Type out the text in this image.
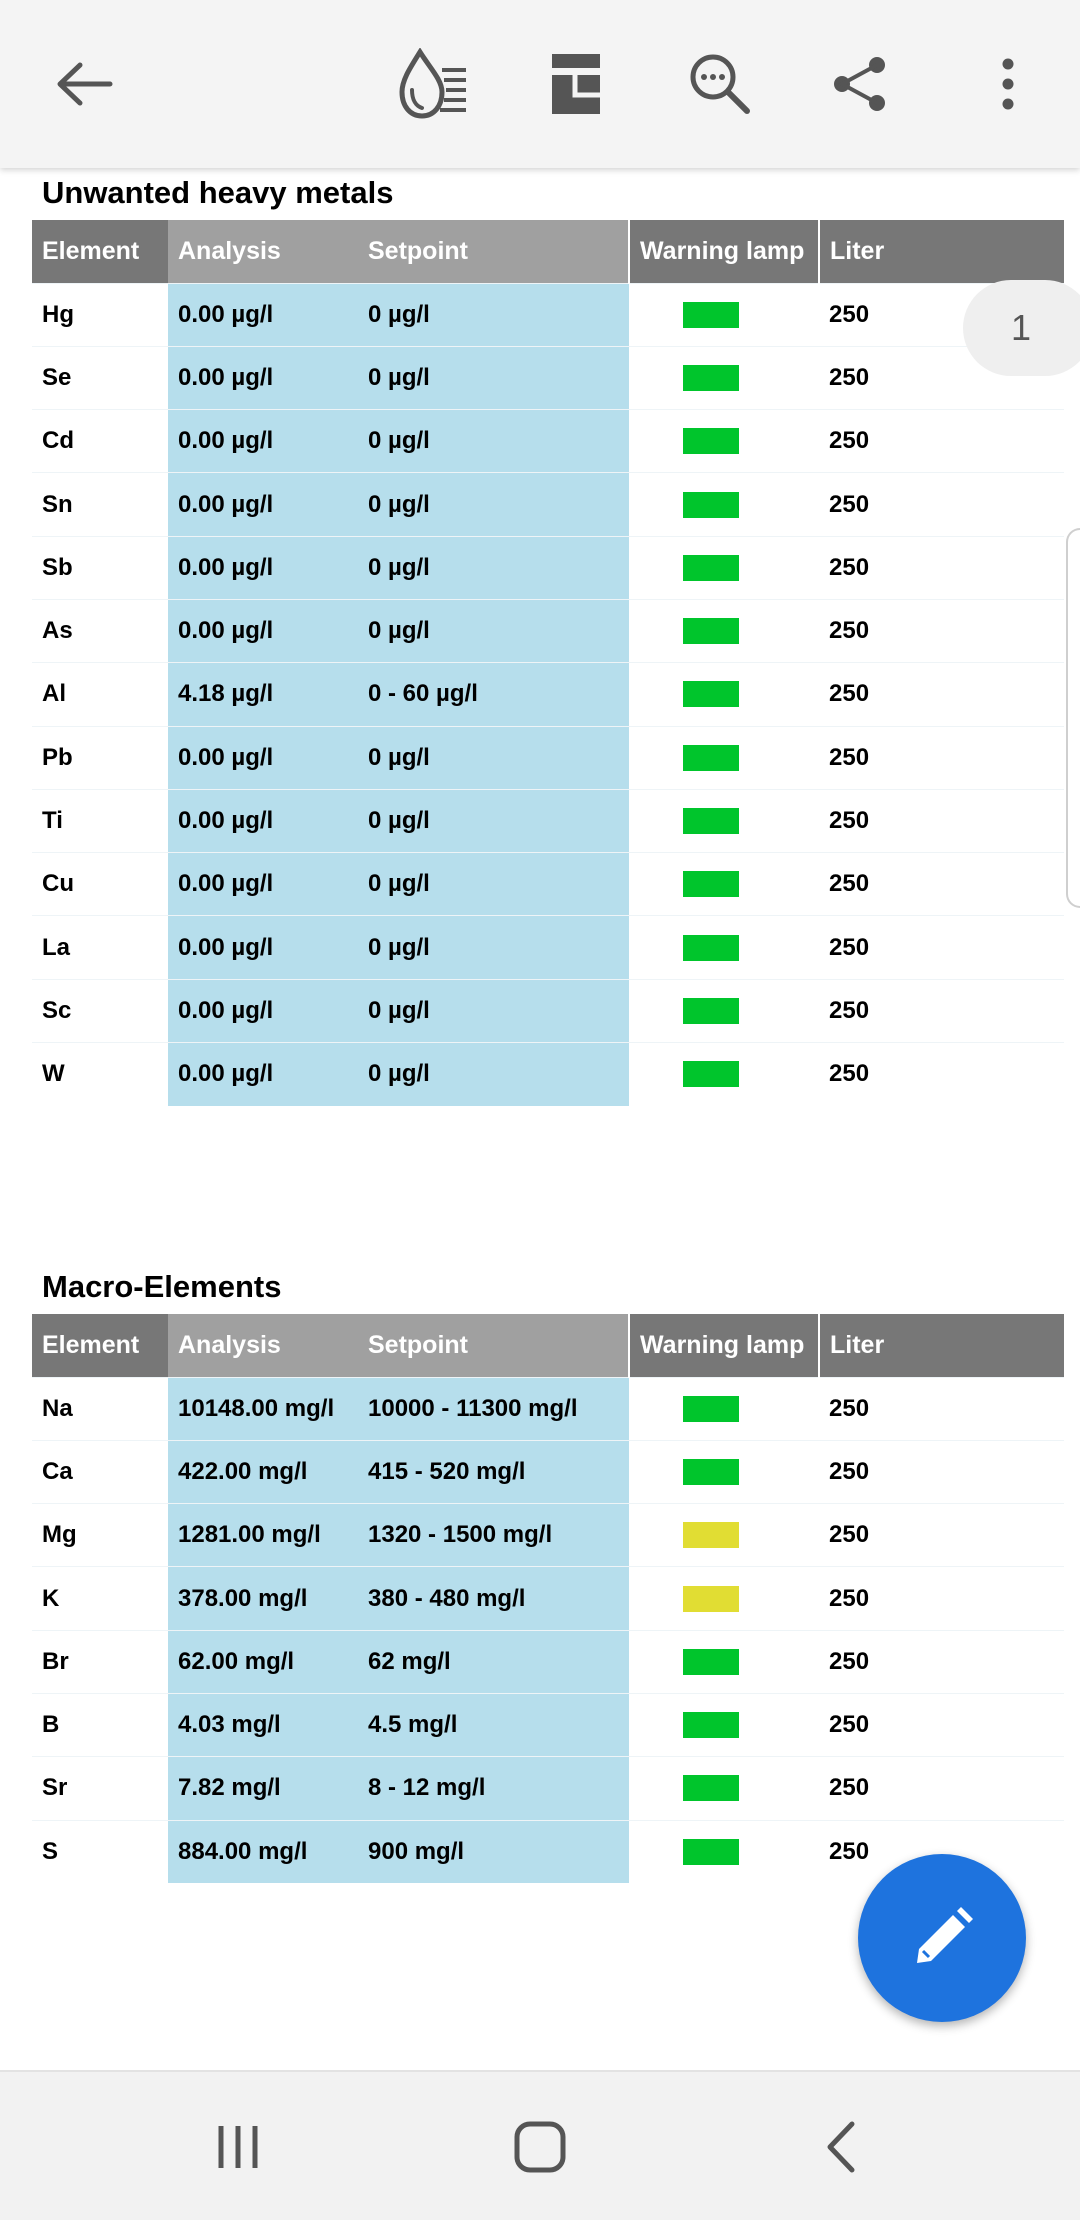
Unwanted heavy metals
Element	Analysis	Setpoint	Warning lamp	Liter
Hg	0.00 µg/l	0 µg/l		250
Se	0.00 µg/l	0 µg/l		250
Cd	0.00 µg/l	0 µg/l		250
Sn	0.00 µg/l	0 µg/l		250
Sb	0.00 µg/l	0 µg/l		250
As	0.00 µg/l	0 µg/l		250
Al	4.18 µg/l	0 - 60 µg/l		250
Pb	0.00 µg/l	0 µg/l		250
Ti	0.00 µg/l	0 µg/l		250
Cu	0.00 µg/l	0 µg/l		250
La	0.00 µg/l	0 µg/l		250
Sc	0.00 µg/l	0 µg/l		250
W	0.00 µg/l	0 µg/l		250
Macro-Elements
Element	Analysis	Setpoint	Warning lamp	Liter
Na	10148.00 mg/l	10000 - 11300 mg/l		250
Ca	422.00 mg/l	415 - 520 mg/l		250
Mg	1281.00 mg/l	1320 - 1500 mg/l		250
K	378.00 mg/l	380 - 480 mg/l		250
Br	62.00 mg/l	62 mg/l		250
B	4.03 mg/l	4.5 mg/l		250
Sr	7.82 mg/l	8 - 12 mg/l		250
S	884.00 mg/l	900 mg/l		250
1
